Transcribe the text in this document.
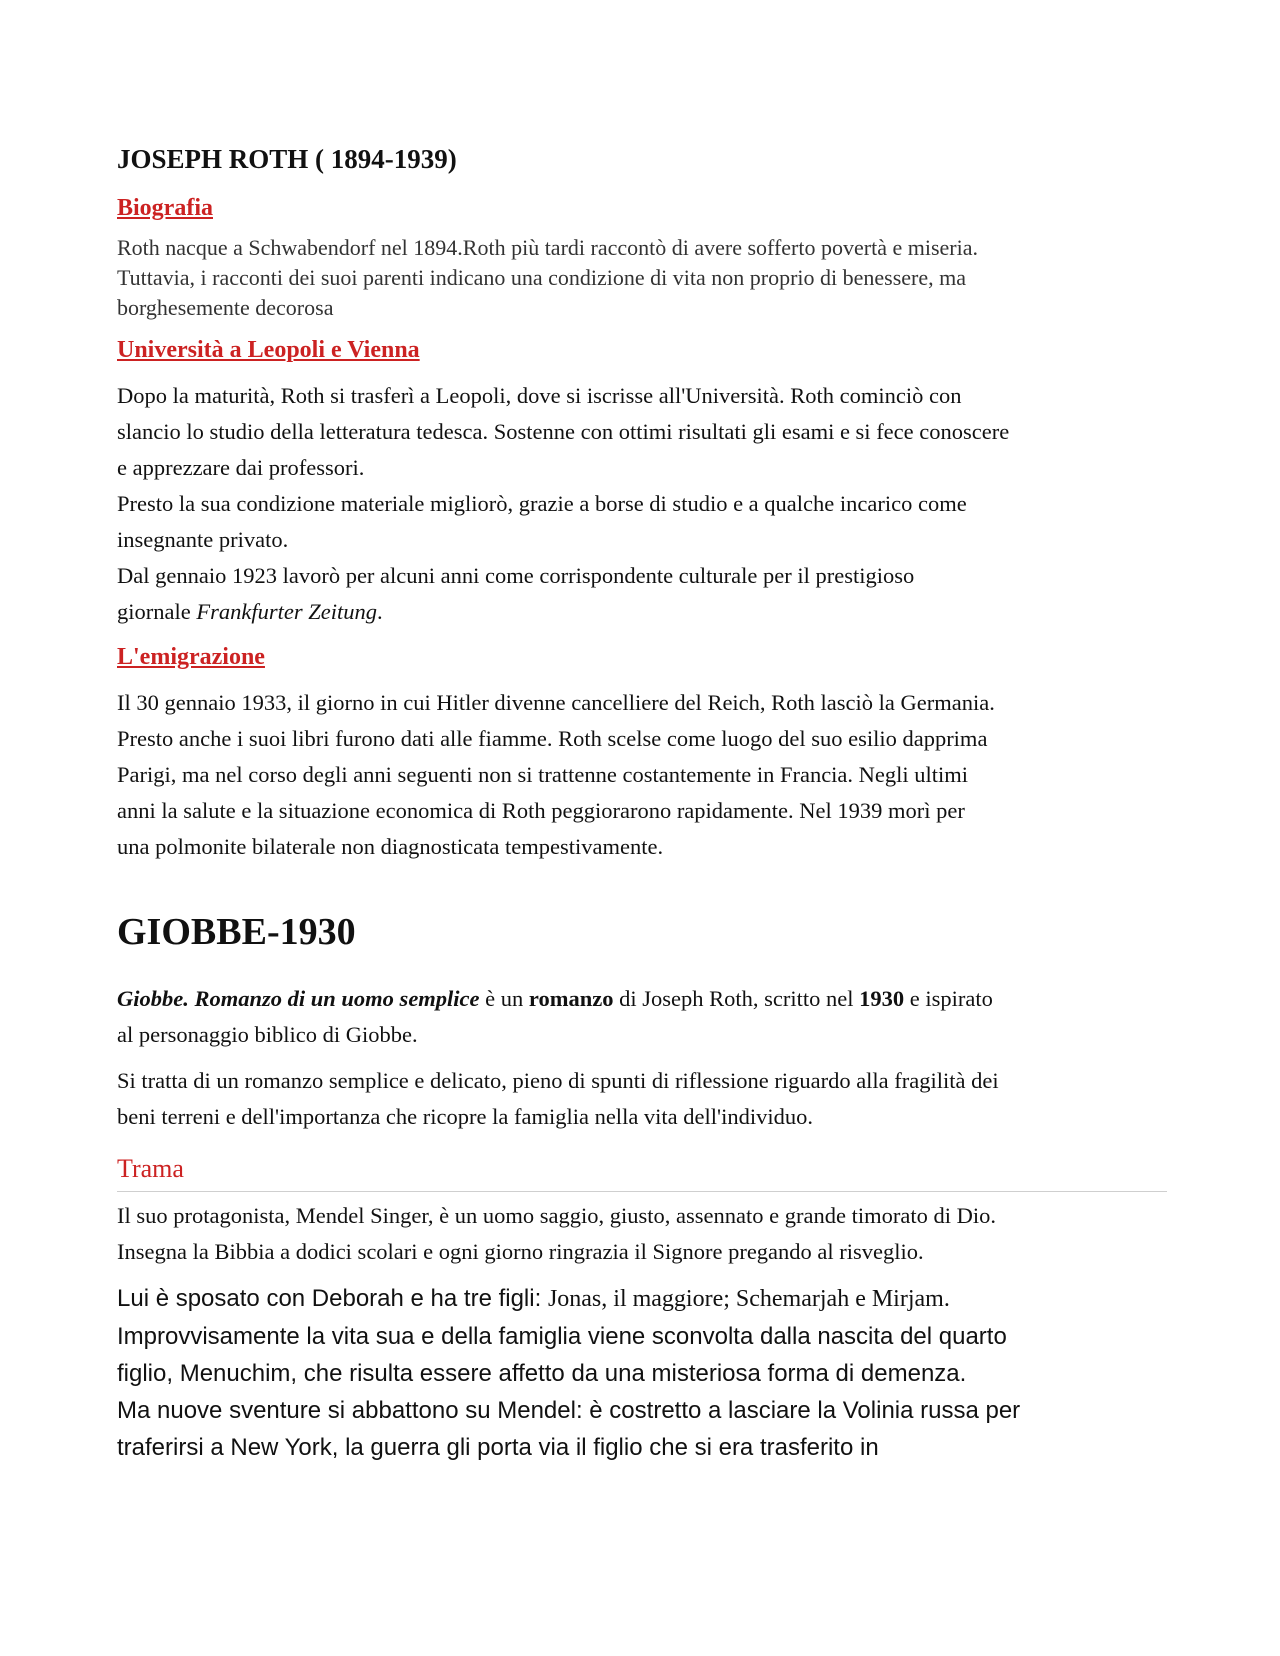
JOSEPH ROTH ( 1894-1939)
Biografia

Roth nacque a Schwabendorf nel 1894.Roth più tardi raccontò di avere sofferto povertà e miseria.

Tuttavia, i racconti dei suoi parenti indicano una condizione di vita non proprio di benessere, ma

borghesemente decorosa

Università a Leopoli e Vienna

Dopo la maturità, Roth si trasferì a Leopoli, dove si iscrisse all'Università. Roth cominciò con

slancio lo studio della letteratura tedesca. Sostenne con ottimi risultati gli esami e si fece conoscere

e apprezzare dai professori.

Presto la sua condizione materiale migliorò, grazie a borse di studio e a qualche incarico come

insegnante privato.

Dal gennaio 1923 lavorò per alcuni anni come corrispondente culturale per il prestigioso

giornale Frankfurter Zeitung.

L'emigrazione

Il 30 gennaio 1933, il giorno in cui Hitler divenne cancelliere del Reich, Roth lasciò la Germania.

Presto anche i suoi libri furono dati alle fiamme. Roth scelse come luogo del suo esilio dapprima

Parigi, ma nel corso degli anni seguenti non si trattenne costantemente in Francia. Negli ultimi

anni la salute e la situazione economica di Roth peggiorarono rapidamente. Nel 1939 morì per

una polmonite bilaterale non diagnosticata tempestivamente.

GIOBBE-1930

Giobbe. Romanzo di un uomo semplice è un romanzo di Joseph Roth, scritto nel 1930 e ispirato

al personaggio biblico di Giobbe.

Si tratta di un romanzo semplice e delicato, pieno di spunti di riflessione riguardo alla fragilità dei

beni terreni e dell'importanza che ricopre la famiglia nella vita dell'individuo.

Trama

Il suo protagonista, Mendel Singer, è un uomo saggio, giusto, assennato e grande timorato di Dio.

Insegna la Bibbia a dodici scolari e ogni giorno ringrazia il Signore pregando al risveglio.

Lui è sposato con Deborah e ha tre figli: Jonas, il maggiore; Schemarjah e Mirjam.

Improvvisamente la vita sua e della famiglia viene sconvolta dalla nascita del quarto

figlio, Menuchim, che risulta essere affetto da una misteriosa forma di demenza.

Ma nuove sventure si abbattono su Mendel: è costretto a lasciare la Volinia russa per

traferirsi a New York, la guerra gli porta via il figlio che si era trasferito in
